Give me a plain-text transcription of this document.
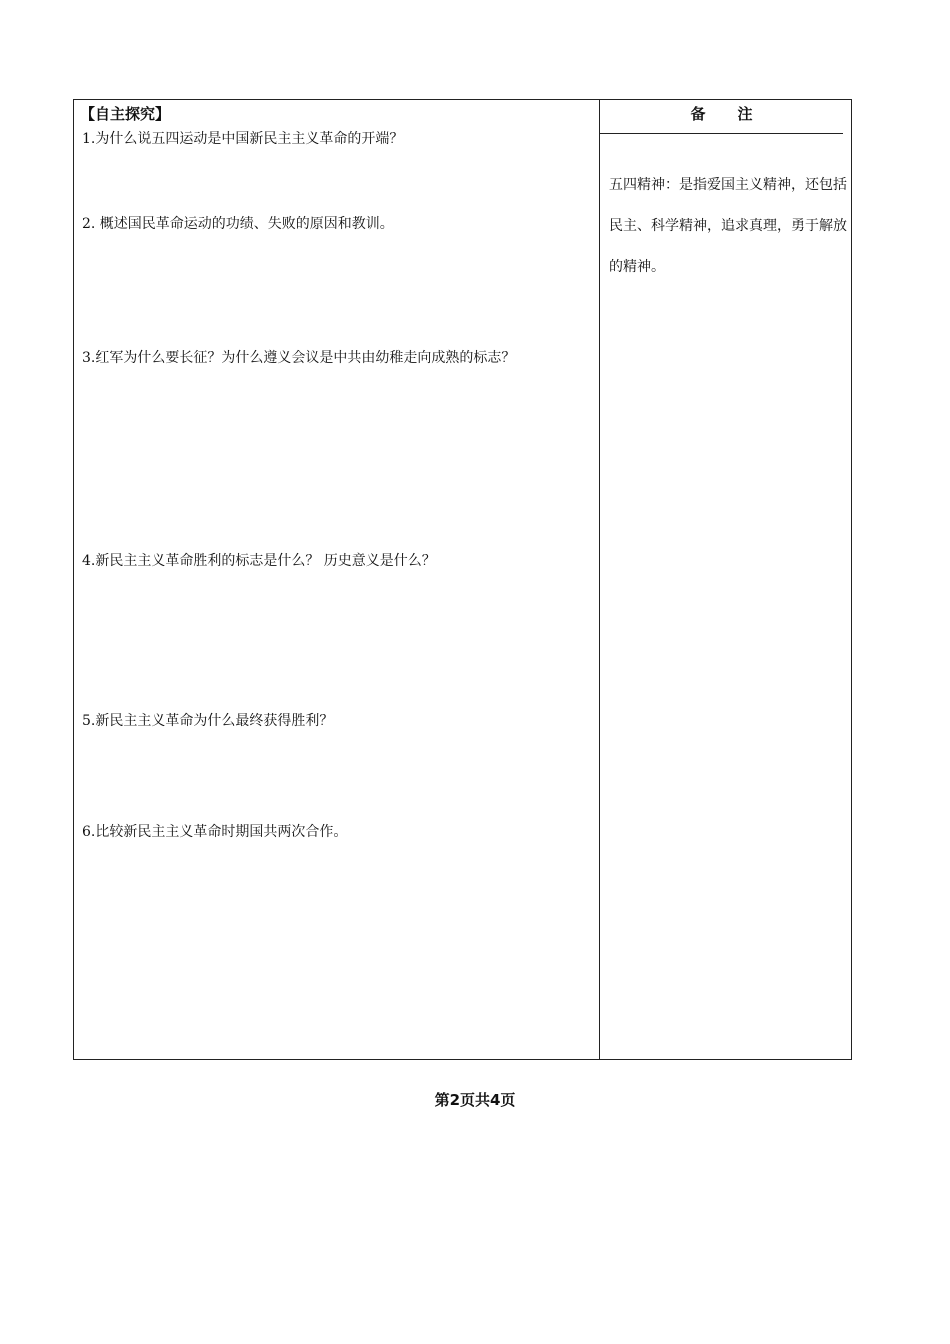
【自主探究】
1.为什么说五四运动是中国新民主主义革命的开端？
2. 概述国民革命运动的功绩、失败的原因和教训。
3.红军为什么要长征？为什么遵义会议是中共由幼稚走向成熟的标志？
4.新民主主义革命胜利的标志是什么？ 历史意义是什么？
5.新民主主义革命为什么最终获得胜利？
6.比较新民主主义革命时期国共两次合作。
备注
五四精神：是指爱国主义精神，还包括民主、科学精神，追求真理，勇于解放的精神。
第2页共4页
